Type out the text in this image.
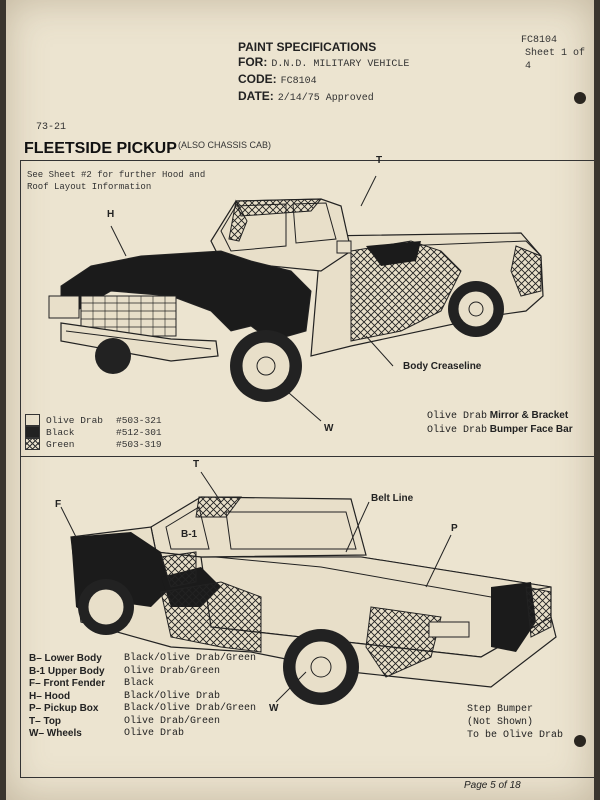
PAINT SPECIFICATIONS
FOR: D.N.D. MILITARY VEHICLE
CODE: FC8104
DATE: 2/14/75 Approved
FC8104
Sheet 1 of 4
73-21
FLEETSIDE PICKUP (ALSO CHASSIS CAB)
See Sheet #2 for further Hood and Roof Layout Information
H
T
Body Creaseline
W
Olive Drab	#503-321
Black	#512-301
Green	#503-319
Olive Drab Mirror & Bracket
Olive Drab Bumper Face Bar
F
T
Belt Line
P
B-1
W
B– Lower Body	Black/Olive Drab/Green
B-1 Upper Body	Olive Drab/Green
F– Front Fender	Black
H– Hood	Black/Olive Drab
P– Pickup Box	Black/Olive Drab/Green
T– Top	Olive Drab/Green
W– Wheels	Olive Drab
Step Bumper
(Not Shown)
To be Olive Drab
Page 5 of 18
